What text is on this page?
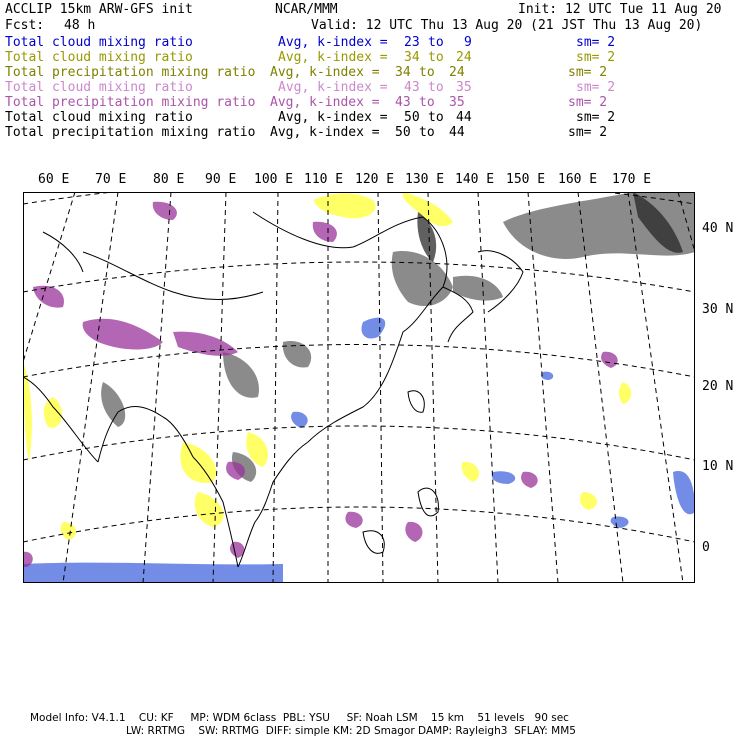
ACCLIP 15km ARW-GFS init	NCAR/MMM	Init: 12 UTC Tue 11 Aug 20
Fcst: 48 h	Valid: 12 UTC Thu 13 Aug 20 (21 JST Thu 13 Aug 20)
Total cloud mixing ratio	Avg, k-index = 23 to 9	sm= 2
Total cloud mixing ratio	Avg, k-index = 34 to 24	sm= 2
Total precipitation mixing ratio Avg, k-index = 34 to 24	sm= 2
Total cloud mixing ratio	Avg, k-index = 43 to 35	sm= 2
Total precipitation mixing ratio Avg, k-index = 43 to 35	sm= 2
Total cloud mixing ratio	Avg, k-index = 50 to 44	sm= 2
Total precipitation mixing ratio Avg, k-index = 50 to 44	sm= 2
60 E 70 E 80 E 90 E 100 E 110 E 120 E 130 E 140 E 150 E 160 E 170 E
40 N
30 N
20 N
10 N
0
Model Info: V4.1.1    CU: KF     MP: WDM 6class  PBL: YSU     SF: Noah LSM    15 km    51 levels   90 sec
LW: RRTMG    SW: RRTMG  DIFF: simple KM: 2D Smagor DAMP: Rayleigh3  SFLAY: MM5
